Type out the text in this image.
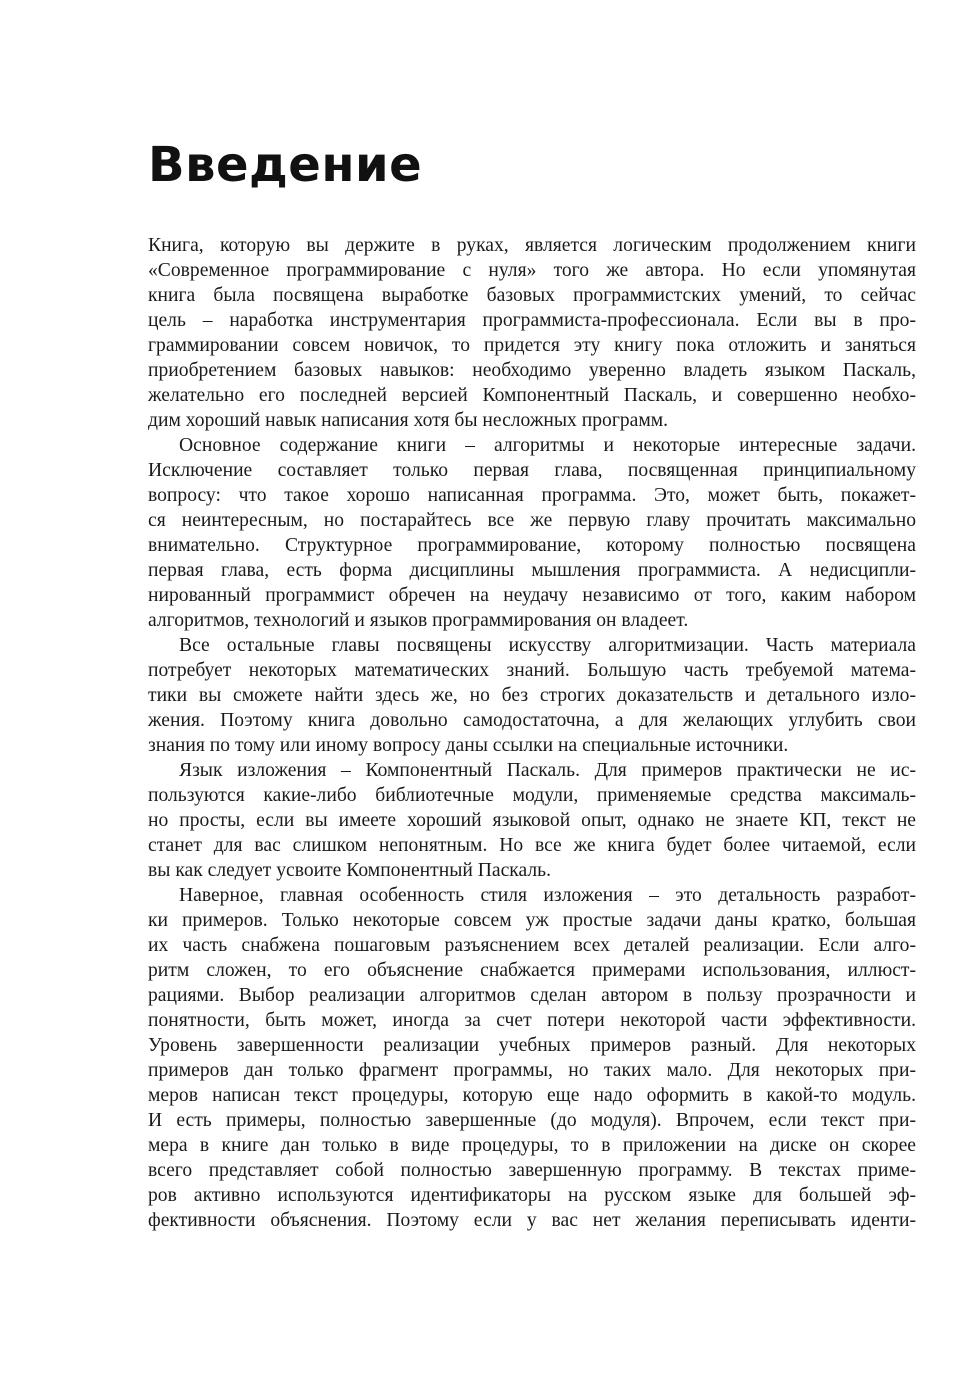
Введение
Книга, которую вы держите в руках, является логическим продолжением книги
«Современное программирование с нуля» того же автора. Но если упомянутая
книга была посвящена выработке базовых программистских умений, то сейчас
цель – наработка инструментария программиста-профессионала. Если вы в про-
граммировании совсем новичок, то придется эту книгу пока отложить и заняться
приобретением базовых навыков: необходимо уверенно владеть языком Паскаль,
желательно его последней версией Компонентный Паскаль, и совершенно необхо-
дим хороший навык написания хотя бы несложных программ.
Основное содержание книги – алгоритмы и некоторые интересные задачи.
Исключение составляет только первая глава, посвященная принципиальному
вопросу: что такое хорошо написанная программа. Это, может быть, покажет-
ся неинтересным, но постарайтесь все же первую главу прочитать максимально
внимательно. Структурное программирование, которому полностью посвящена
первая глава, есть форма дисциплины мышления программиста. А недисципли-
нированный программист обречен на неудачу независимо от того, каким набором
алгоритмов, технологий и языков программирования он владеет.
Все остальные главы посвящены искусству алгоритмизации. Часть материала
потребует некоторых математических знаний. Большую часть требуемой матема-
тики вы сможете найти здесь же, но без строгих доказательств и детального изло-
жения. Поэтому книга довольно самодостаточна, а для желающих углубить свои
знания по тому или иному вопросу даны ссылки на специальные источники.
Язык изложения – Компонентный Паскаль. Для примеров практически не ис-
пользуются какие-либо библиотечные модули, применяемые средства максималь-
но просты, если вы имеете хороший языковой опыт, однако не знаете КП, текст не
станет для вас слишком непонятным. Но все же книга будет более читаемой, если
вы как следует усвоите Компонентный Паскаль.
Наверное, главная особенность стиля изложения – это детальность разработ-
ки примеров. Только некоторые совсем уж простые задачи даны кратко, большая
их часть снабжена пошаговым разъяснением всех деталей реализации. Если алго-
ритм сложен, то его объяснение снабжается примерами использования, иллюст-
рациями. Выбор реализации алгоритмов сделан автором в пользу прозрачности и
понятности, быть может, иногда за счет потери некоторой части эффективности.
Уровень завершенности реализации учебных примеров разный. Для некоторых
примеров дан только фрагмент программы, но таких мало. Для некоторых при-
меров написан текст процедуры, которую еще надо оформить в какой-то модуль.
И есть примеры, полностью завершенные (до модуля). Впрочем, если текст при-
мера в книге дан только в виде процедуры, то в приложении на диске он скорее
всего представляет собой полностью завершенную программу. В текстах приме-
ров активно используются идентификаторы на русском языке для большей эф-
фективности объяснения. Поэтому если у вас нет желания переписывать иденти-
